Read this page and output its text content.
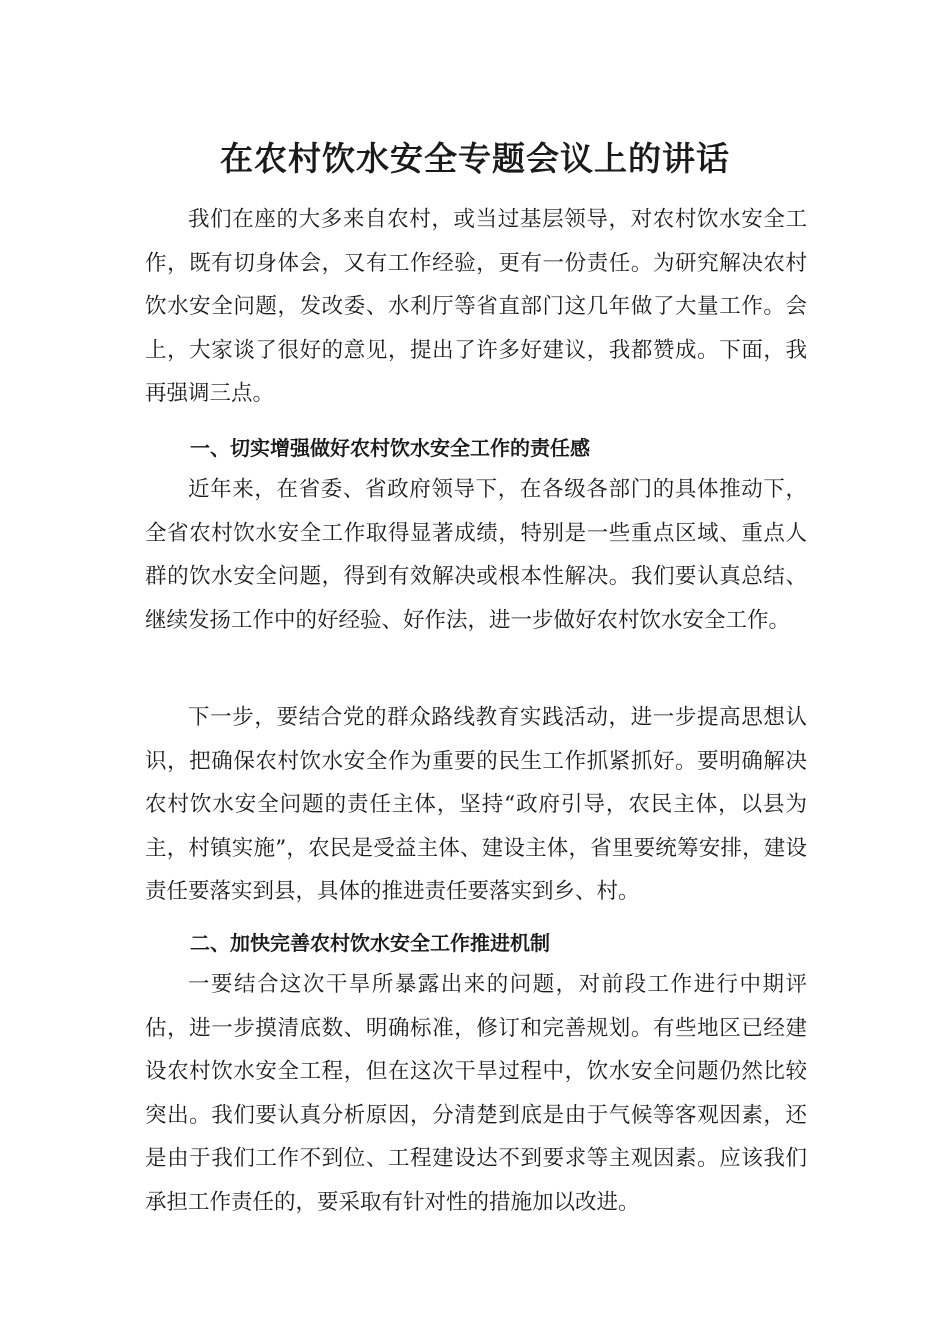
在农村饮水安全专题会议上的讲话

我们在座的大多来自农村，或当过基层领导，对农村饮水安全工作，既有切身体会，又有工作经验，更有一份责任。为研究解决农村饮水安全问题，发改委、水利厅等省直部门这几年做了大量工作。会上，大家谈了很好的意见，提出了许多好建议，我都赞成。下面，我再强调三点。

一、切实增强做好农村饮水安全工作的责任感

近年来，在省委、省政府领导下，在各级各部门的具体推动下，全省农村饮水安全工作取得显著成绩，特别是一些重点区域、重点人群的饮水安全问题，得到有效解决或根本性解决。我们要认真总结、继续发扬工作中的好经验、好作法，进一步做好农村饮水安全工作。

下一步，要结合党的群众路线教育实践活动，进一步提高思想认识，把确保农村饮水安全作为重要的民生工作抓紧抓好。要明确解决农村饮水安全问题的责任主体，坚持“政府引导，农民主体，以县为主，村镇实施”，农民是受益主体、建设主体，省里要统筹安排，建设责任要落实到县，具体的推进责任要落实到乡、村。

二、加快完善农村饮水安全工作推进机制

一要结合这次干旱所暴露出来的问题，对前段工作进行中期评估，进一步摸清底数、明确标准，修订和完善规划。有些地区已经建设农村饮水安全工程，但在这次干旱过程中，饮水安全问题仍然比较突出。我们要认真分析原因，分清楚到底是由于气候等客观因素，还是由于我们工作不到位、工程建设达不到要求等主观因素。应该我们承担工作责任的，要采取有针对性的措施加以改进。
